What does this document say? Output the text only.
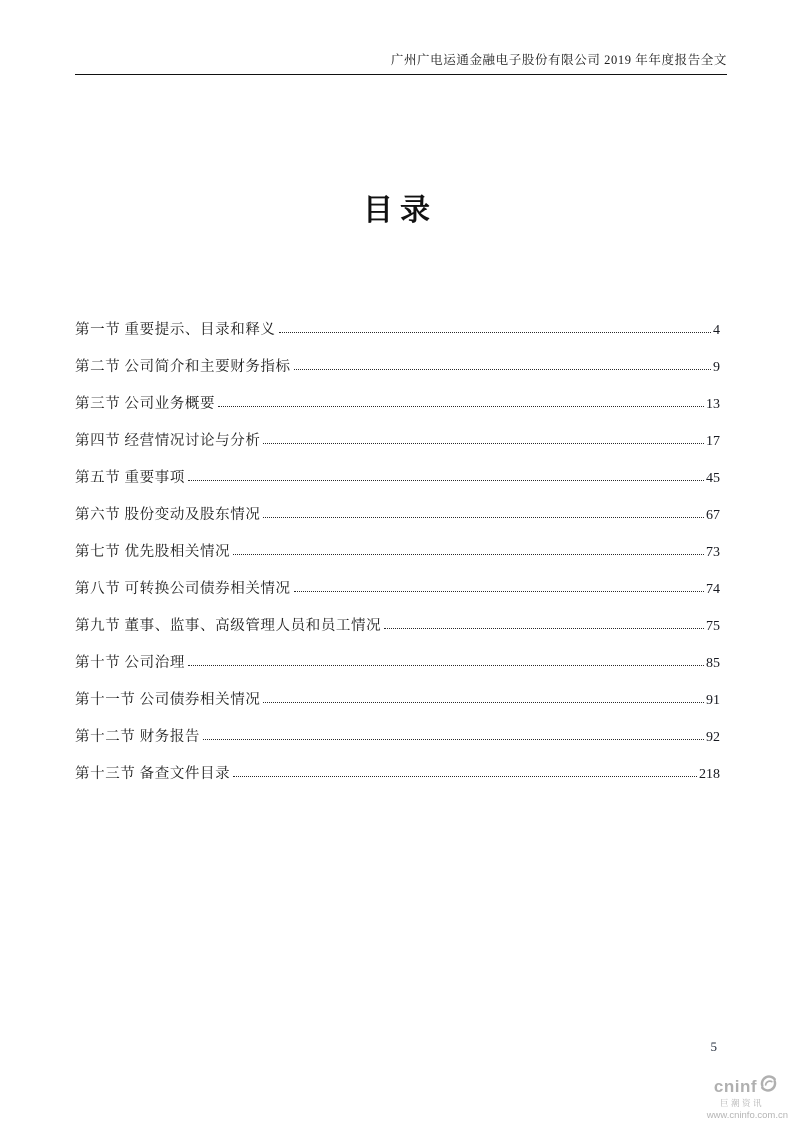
广州广电运通金融电子股份有限公司 2019 年年度报告全文
目录
第一节 重要提示、目录和释义	4
第二节 公司简介和主要财务指标	9
第三节 公司业务概要	13
第四节 经营情况讨论与分析	17
第五节 重要事项	45
第六节 股份变动及股东情况	67
第七节 优先股相关情况	73
第八节 可转换公司债券相关情况	74
第九节 董事、监事、高级管理人员和员工情况	75
第十节 公司治理	85
第十一节 公司债券相关情况	91
第十二节 财务报告	92
第十三节 备查文件目录	218
5
cninf
巨潮资讯
www.cninfo.com.cn
